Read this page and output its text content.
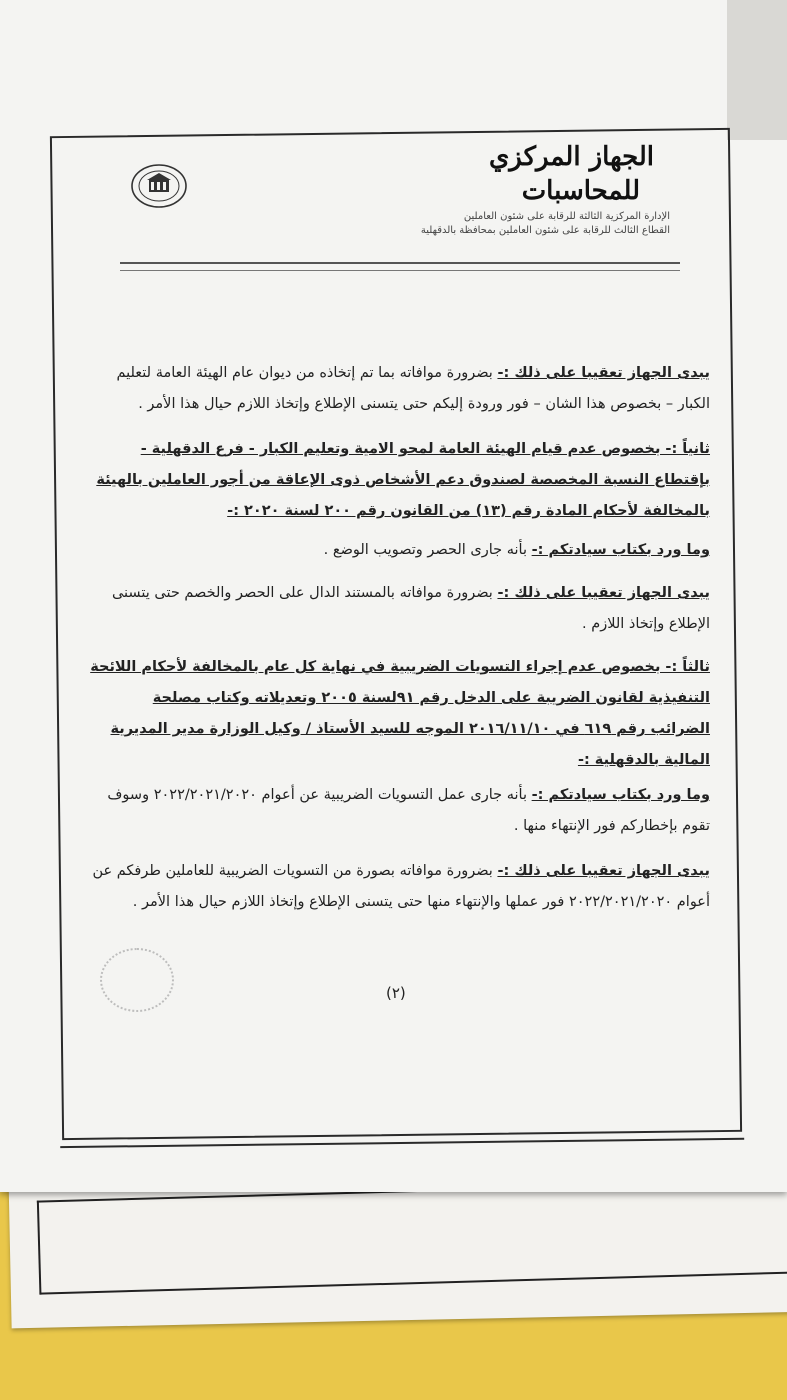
الجهاز المركزي
للمحاسبات
الإدارة المركزية الثالثة للرقابة على شئون العاملين
القطاع الثالث للرقابة على شئون العاملين بمحافظة بالدقهلية

يبدى الجهاز تعقيبا على ذلك :- بضرورة موافاته بما تم إتخاذه من ديوان عام الهيئة العامة لتعليم الكبار – بخصوص هذا الشان – فور ورودة إليكم حتى يتسنى الإطلاع وإتخاذ اللازم حيال هذا الأمر .

ثانياً :- بخصوص عدم قيام الهيئة العامة لمحو الامية وتعليم الكبار - فرع الدقهلية - بإقتطاع النسبة المخصصة لصندوق دعم الأشخاص ذوى الإعاقة من أجور العاملين بالهيئة بالمخالفة لأحكام المادة رقم (١٣) من القانون رقم ٢٠٠ لسنة ٢٠٢٠ :-

وما ورد بكتاب سيادتكم :- بأنه جارى الحصر وتصويب الوضع .

يبدى الجهاز تعقيبا على ذلك :- بضرورة موافاته بالمستند الدال على الحصر والخصم حتى يتسنى الإطلاع وإتخاذ اللازم .

ثالثاً :- بخصوص عدم إجراء التسويات الضريبية في نهاية كل عام بالمخالفة لأحكام اللائحة التنفيذية لقانون الضريبة على الدخل رقم ٩١لسنة ٢٠٠٥ وتعديلاته وكتاب مصلحة الضرائب رقم ٦١٩ في ٢٠١٦/١١/١٠ الموجه للسيد الأستاذ / وكيل الوزارة مدير المديرية المالية بالدقهلية :-

وما ورد بكتاب سيادتكم :- بأنه جارى عمل التسويات الضريبية عن أعوام ٢٠٢٢/٢٠٢١/٢٠٢٠ وسوف تقوم بإخطاركم فور الإنتهاء منها .

يبدى الجهاز تعقيبا على ذلك :- بضرورة موافاته بصورة من التسويات الضريبية للعاملين طرفكم عن أعوام ٢٠٢٢/٢٠٢١/٢٠٢٠ فور عملها والإنتهاء منها حتى يتسنى الإطلاع وإتخاذ اللازم حيال هذا الأمر .

(٢)
